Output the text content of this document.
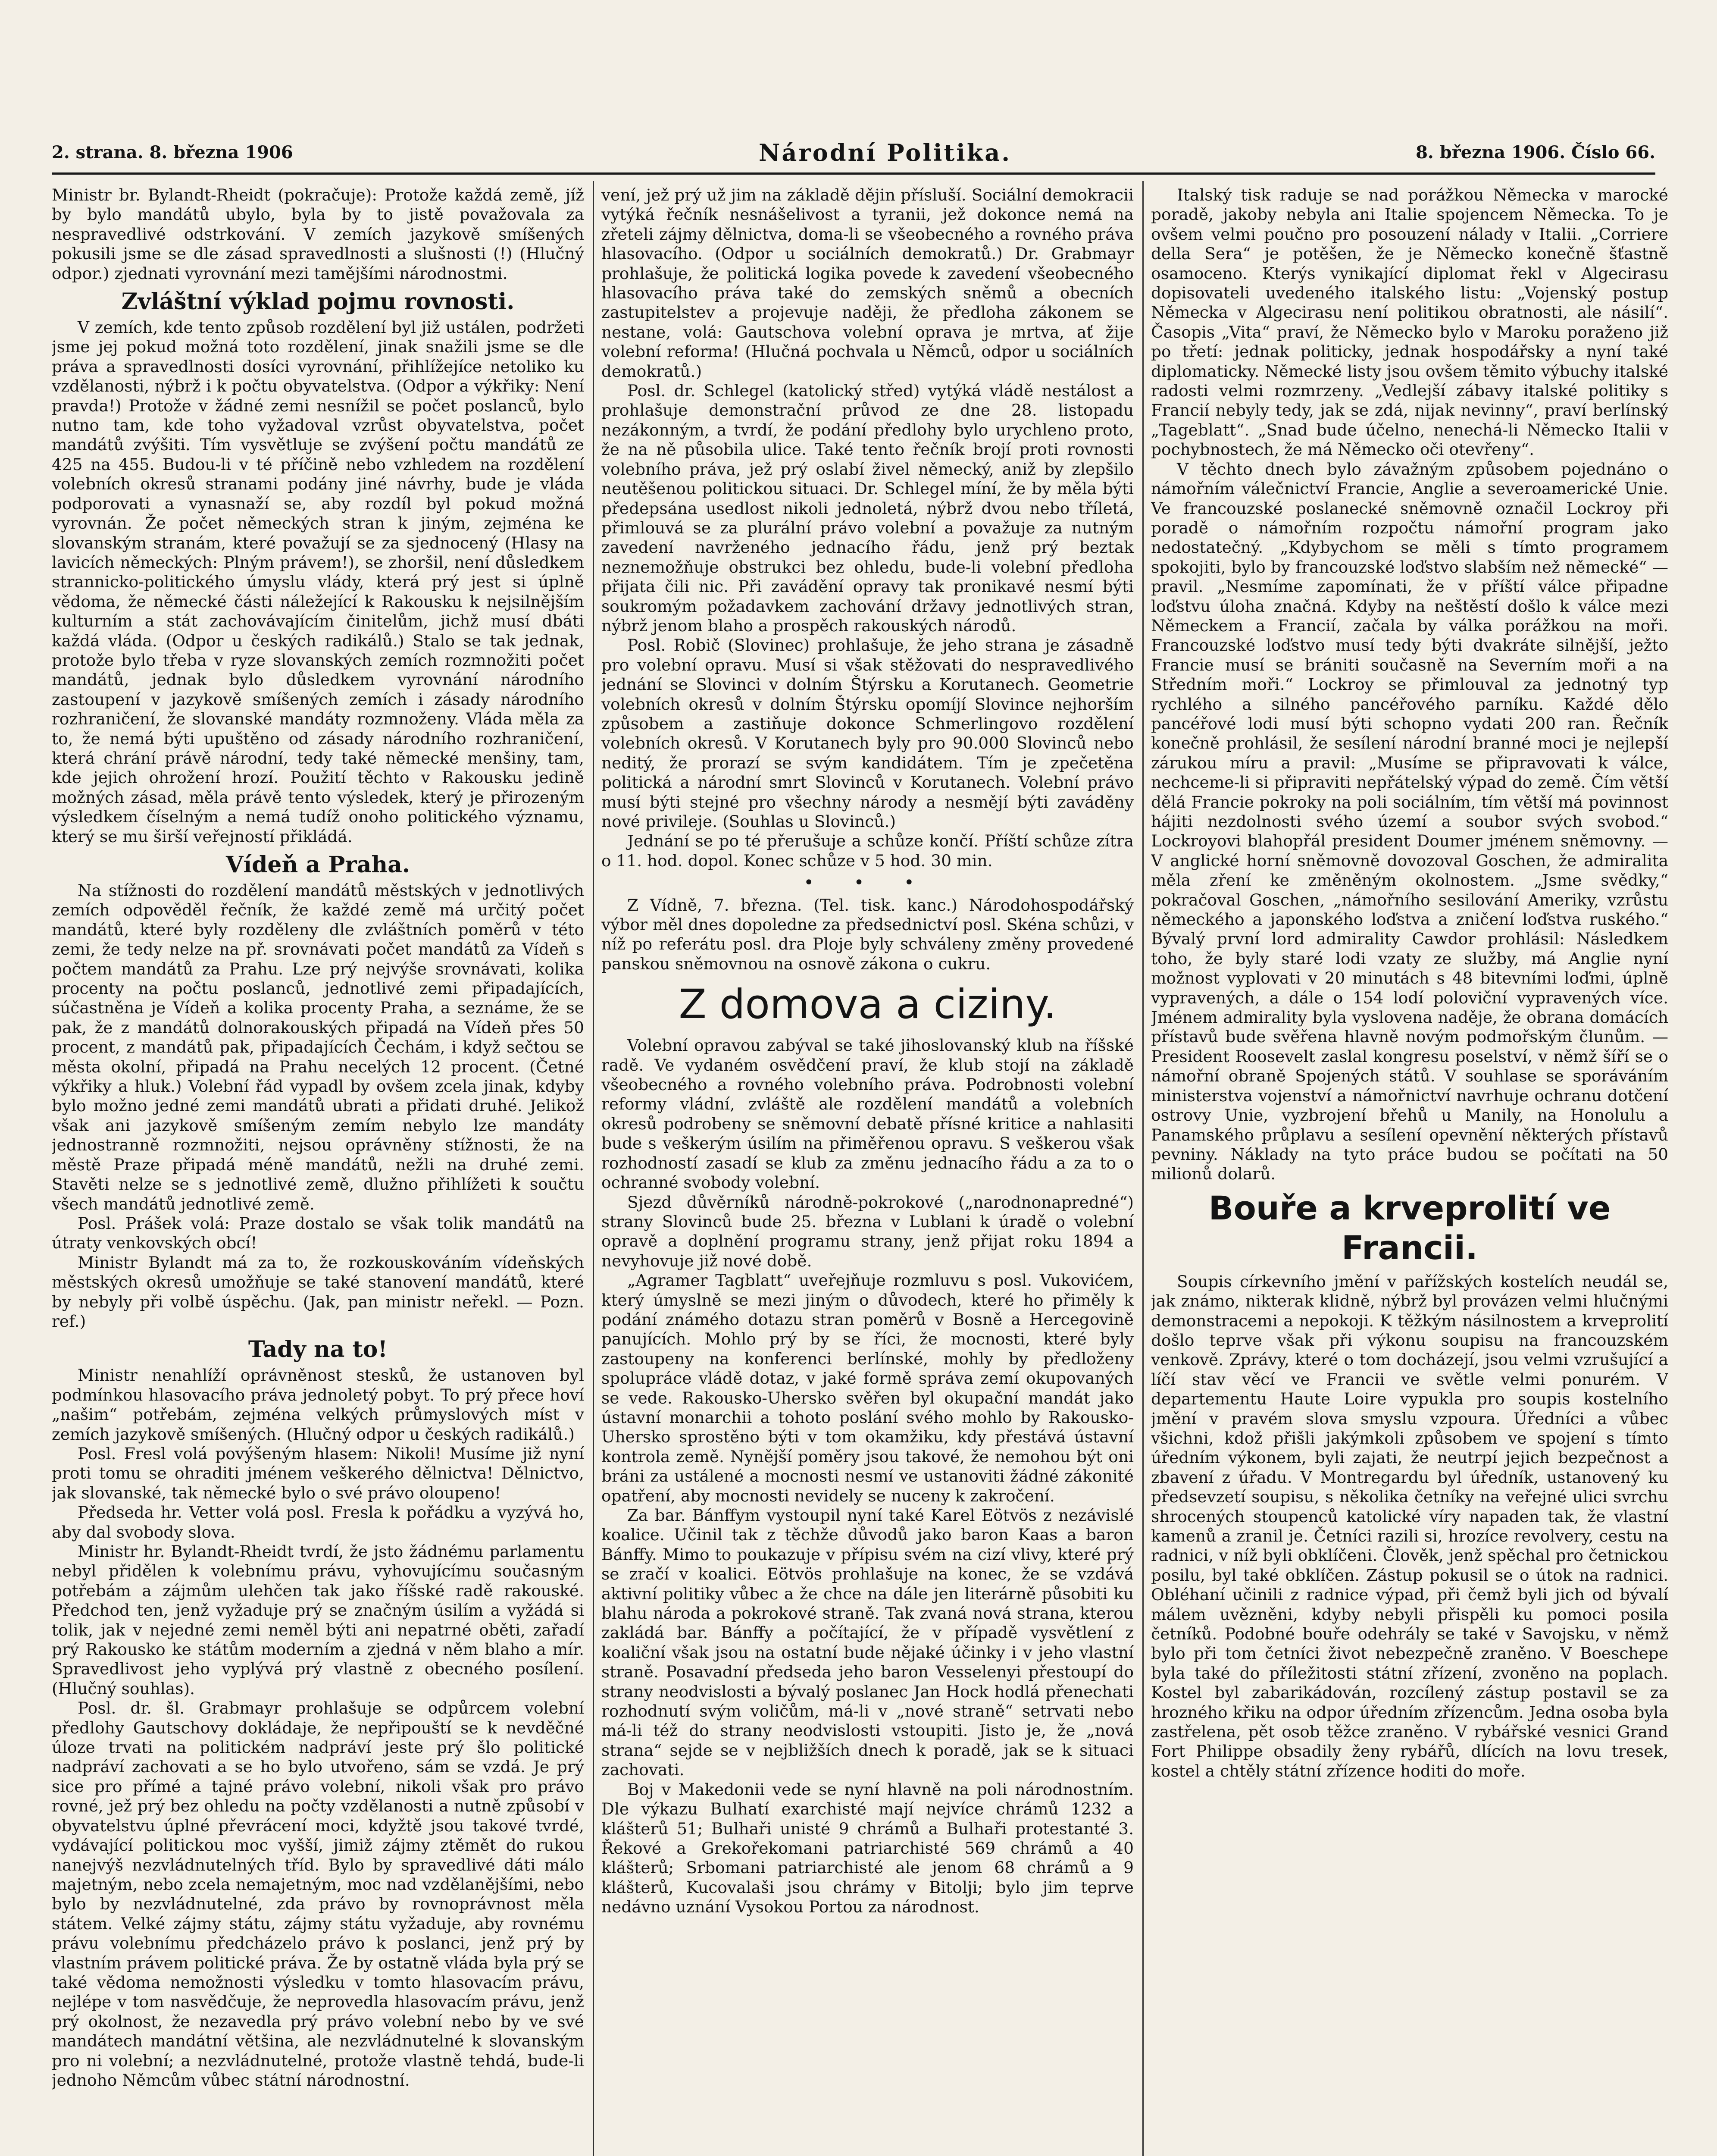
2. strana. 8. března 1906	Národní Politika.	8. března 1906. Číslo 66.

Ministr br. Bylandt-Rheidt (pokračuje): Protože každá země, jíž by bylo mandátů ubylo, byla by to jistě považovala za nespravedlivé odstrkování. V zemích jazykově smíšených pokusili jsme se dle zásad spravedlnosti a slušnosti (!) (Hlučný odpor.) zjednati vyrovnání mezi tamějšími národnostmi.

Zvláštní výklad pojmu rovnosti.

V zemích, kde tento způsob rozdělení byl již ustálen, podržeti jsme jej pokud možná toto rozdělení, jinak snažili jsme se dle práva a spravedlnosti dosíci vyrovnání, přihlížejíce netoliko ku vzdělanosti, nýbrž i k počtu obyvatelstva. (Odpor a výkřiky: Není pravda!) Protože v žádné zemi nesnížil se počet poslanců, bylo nutno tam, kde toho vyžadoval vzrůst obyvatelstva, počet mandátů zvýšiti. Tím vysvětluje se zvýšení počtu mandátů ze 425 na 455. Budou-li v té příčině nebo vzhledem na rozdělení volebních okresů stranami podány jiné návrhy, bude je vláda podporovati a vynasnaží se, aby rozdíl byl pokud možná vyrovnán. Že počet německých stran k jiným, zejména ke slovanským stranám, které považují se za sjednocený (Hlasy na lavicích německých: Plným právem!), se zhoršil, není důsledkem strannicko-politického úmyslu vlády, která prý jest si úplně vědoma, že německé části náležející k Rakousku k nejsilnějším kulturním a stát zachovávajícím činitelům, jichž musí dbáti každá vláda. (Odpor u českých radikálů.) Stalo se tak jednak, protože bylo třeba v ryze slovanských zemích rozmnožiti počet mandátů, jednak bylo důsledkem vyrovnání národního zastoupení v jazykově smíšených zemích i zásady národního rozhraničení, že slovanské mandáty rozmnoženy. Vláda měla za to, že nemá býti upuštěno od zásady národního rozhraničení, která chrání právě národní, tedy také německé menšiny, tam, kde jejich ohrožení hrozí. Použití těchto v Rakousku jedině možných zásad, měla právě tento výsledek, který je přirozeným výsledkem číselným a nemá tudíž onoho politického významu, který se mu širší veřejností přikládá.

Vídeň a Praha.

Na stížnosti do rozdělení mandátů městských v jednotlivých zemích odpověděl řečník, že každé země má určitý počet mandátů, které byly rozděleny dle zvláštních poměrů v této zemi, že tedy nelze na př. srovnávati počet mandátů za Vídeň s počtem mandátů za Prahu. Lze prý nejvýše srovnávati, kolika procenty na počtu poslanců, jednotlivé zemi připadajících, súčastněna je Vídeň a kolika procenty Praha, a seznáme, že se pak, že z mandátů dolnorakouských připadá na Vídeň přes 50 procent, z mandátů pak, připadajících Čechám, i když sečtou se města okolní, připadá na Prahu necelých 12 procent. (Četné výkřiky a hluk.) Volební řád vypadl by ovšem zcela jinak, kdyby bylo možno jedné zemi mandátů ubrati a přidati druhé. Jelikož však ani jazykově smíšeným zemím nebylo lze mandáty jednostranně rozmnožiti, nejsou oprávněny stížnosti, že na městě Praze připadá méně mandátů, nežli na druhé zemi. Stavěti nelze se s jednotlivé země, dlužno přihlížeti k součtu všech mandátů jednotlivé země.

Posl. Prášek volá: Praze dostalo se však tolik mandátů na útraty venkovských obcí!

Ministr Bylandt má za to, že rozkouskováním vídeňských městských okresů umožňuje se také stanovení mandátů, které by nebyly při volbě úspěchu. (Jak, pan ministr neřekl. — Pozn. ref.)

Tady na to!

Ministr nenahlíží oprávněnost stesků, že ustanoven byl podmínkou hlasovacího práva jednoletý pobyt. To prý přece hoví „našim“ potřebám, zejména velkých průmyslových míst v zemích jazykově smíšených. (Hlučný odpor u českých radikálů.)

Posl. Fresl volá povýšeným hlasem: Nikoli! Musíme již nyní proti tomu se ohraditi jménem veškerého dělnictva! Dělnictvo, jak slovanské, tak německé bylo o své právo oloupeno!

Předseda hr. Vetter volá posl. Fresla k pořádku a vyzývá ho, aby dal svobody slova.

Ministr hr. Bylandt-Rheidt tvrdí, že jsto žádnému parlamentu nebyl přidělen k volebnímu právu, vyhovujícímu současným potřebám a zájmům ulehčen tak jako říšské radě rakouské. Předchod ten, jenž vyžaduje prý se značným úsilím a vyžádá si tolik, jak v nejedné zemi neměl býti ani nepatrné oběti, zařadí prý Rakousko ke státům moderním a zjedná v něm blaho a mír. Spravedlivost jeho vyplývá prý vlastně z obecného posílení. (Hlučný souhlas).

Posl. dr. šl. Grabmayr prohlašuje se odpůrcem volební předlohy Gautschovy dokládaje, že nepřipouští se k nevděčné úloze trvati na politickém nadpráví jeste prý šlo politické nadpráví zachovati a se ho bylo utvořeno, sám se vzdá. Je prý sice pro přímé a tajné právo volební, nikoli však pro právo rovné, jež prý bez ohledu na počty vzdělanosti a nutně způsobí v obyvatelstvu úplné převrácení moci, kdyžtě jsou takové tvrdé, vydávající politickou moc vyšší, jimiž zájmy ztěmět do rukou nanejvýš nezvládnutelných tříd. Bylo by spravedlivé dáti málo majetným, nebo zcela nemajetným, moc nad vzdělanějšími, nebo bylo by nezvládnutelné, zda právo by rovnoprávnost měla státem. Velké zájmy státu, zájmy státu vyžaduje, aby rovnému právu volebnímu předcházelo právo k poslanci, jenž prý by vlastním právem politické práva. Že by ostatně vláda byla prý se také vědoma nemožnosti výsledku v tomto hlasovacím právu, nejlépe v tom nasvědčuje, že neprovedla hlasovacím právu, jenž prý okolnost, že nezavedla prý právo volební nebo by ve své mandátech mandátní většina, ale nezvládnutelné k slovanským pro ni volební; a nezvládnutelné, protože vlastně tehdá, bude-li jednoho Němcům vůbec státní národnostní.

vení, jež prý už jim na základě dějin přísluší. Sociální demokracii vytýká řečník nesnášelivost a tyranii, jež dokonce nemá na zřeteli zájmy dělnictva, doma-li se všeobecného a rovného práva hlasovacího. (Odpor u sociálních demokratů.) Dr. Grabmayr prohlašuje, že politická logika povede k zavedení všeobecného hlasovacího práva také do zemských sněmů a obecních zastupitelstev a projevuje naději, že předloha zákonem se nestane, volá: Gautschova volební oprava je mrtva, ať žije volební reforma! (Hlučná pochvala u Němců, odpor u sociálních demokratů.)

Posl. dr. Schlegel (katolický střed) vytýká vládě nestálost a prohlašuje demonstrační průvod ze dne 28. listopadu nezákonným, a tvrdí, že podání předlohy bylo urychleno proto, že na ně působila ulice. Také tento řečník brojí proti rovnosti volebního práva, jež prý oslabí živel německý, aniž by zlepšilo neutěšenou politickou situaci. Dr. Schlegel míní, že by měla býti předepsána usedlost nikoli jednoletá, nýbrž dvou nebo tříletá, přimlouvá se za plurální právo volební a považuje za nutným zavedení navrženého jednacího řádu, jenž prý beztak neznemožňuje obstrukci bez ohledu, bude-li volební předloha přijata čili nic. Při zavádění opravy tak pronikavé nesmí býti soukromým požadavkem zachování državy jednotlivých stran, nýbrž jenom blaho a prospěch rakouských národů.

Posl. Robič (Slovinec) prohlašuje, že jeho strana je zásadně pro volební opravu. Musí si však stěžovati do nespravedlivého jednání se Slovinci v dolním Štýrsku a Korutanech. Geometrie volebních okresů v dolním Štýrsku opomíjí Slovince nejhorším způsobem a zastiňuje dokonce Schmerlingovo rozdělení volebních okresů. V Korutanech byly pro 90.000 Slovinců nebo neditý, že prorazí se svým kandidátem. Tím je zpečetěna politická a národní smrt Slovinců v Korutanech. Volební právo musí býti stejné pro všechny národy a nesmějí býti zaváděny nové privileje. (Souhlas u Slovinců.)

Jednání se po té přerušuje a schůze končí. Příští schůze zítra o 11. hod. dopol. Konec schůze v 5 hod. 30 min.

• • •

Z Vídně, 7. března. (Tel. tisk. kanc.) Národohospodářský výbor měl dnes dopoledne za předsednictví posl. Skéna schůzi, v níž po referátu posl. dra Ploje byly schváleny změny provedené panskou sněmovnou na osnově zákona o cukru.

Z domova a ciziny.

Volební opravou zabýval se také jihoslovanský klub na říšské radě. Ve vydaném osvědčení praví, že klub stojí na základě všeobecného a rovného volebního práva. Podrobnosti volební reformy vládní, zvláště ale rozdělení mandátů a volebních okresů podrobeny se sněmovní debatě přísné kritice a nahlasiti bude s veškerým úsilím na přiměřenou opravu. S veškerou však rozhodností zasadí se klub za změnu jednacího řádu a za to o ochranné svobody volební.

Sjezd důvěrníků národně-pokrokové („narodnonapredné“) strany Slovinců bude 25. března v Lublani k úradě o volební opravě a doplnění programu strany, jenž přijat roku 1894 a nevyhovuje již nové době.

„Agramer Tagblatt“ uveřejňuje rozmluvu s posl. Vukovićem, který úmyslně se mezi jiným o důvodech, které ho přiměly k podání známého dotazu stran poměrů v Bosně a Hercegovině panujících. Mohlo prý by se říci, že mocnosti, které byly zastoupeny na konferenci berlínské, mohly by předloženy spolupráce vládě dotaz, v jaké formě správa zemí okupovaných se vede. Rakousko-Uhersko svěřen byl okupační mandát jako ústavní monarchii a tohoto poslání svého mohlo by Rakousko-Uhersko sprostěno býti v tom okamžiku, kdy přestává ústavní kontrola země. Nynější poměry jsou takové, že nemohou být oni bráni za ustálené a mocnosti nesmí ve ustanoviti žádné zákonité opatření, aby mocnosti nevidely se nuceny k zakročení.

Za bar. Bánffym vystoupil nyní také Karel Eötvös z nezávislé koalice. Učinil tak z těchže důvodů jako baron Kaas a baron Bánffy. Mimo to poukazuje v přípisu svém na cizí vlivy, které prý se zračí v koalici. Eötvös prohlašuje na konec, že se vzdává aktivní politiky vůbec a že chce na dále jen literárně působiti ku blahu národa a pokrokové straně. Tak zvaná nová strana, kterou zakládá bar. Bánffy a počítající, že v případě vysvětlení z koaliční však jsou na ostatní bude nějaké účinky i v jeho vlastní straně. Posavadní předseda jeho baron Vesselenyi přestoupí do strany neodvislosti a bývalý poslanec Jan Hock hodlá přenechati rozhodnutí svým voličům, má-li v „nové straně“ setrvati nebo má-li též do strany neodvislosti vstoupiti. Jisto je, že „nová strana“ sejde se v nejbližších dnech k poradě, jak se k situaci zachovati.

Boj v Makedonii vede se nyní hlavně na poli národnostním. Dle výkazu Bulhatí exarchisté mají nejvíce chrámů 1232 a klášterů 51; Bulhaři unisté 9 chrámů a Bulhaři protestanté 3. Řekové a Grekořekomani patriarchisté 569 chrámů a 40 klášterů; Srbomani patriarchisté ale jenom 68 chrámů a 9 klášterů, Kucovalaši jsou chrámy v Bitolji; bylo jim teprve nedávno uznání Vysokou Portou za národnost.

Italský tisk raduje se nad porážkou Německa v marocké poradě, jakoby nebyla ani Italie spojencem Německa. To je ovšem velmi poučno pro posouzení nálady v Italii. „Corriere della Sera“ je potěšen, že je Německo konečně šťastně osamoceno. Kterýs vynikající diplomat řekl v Algecirasu dopisovateli uvedeného italského listu: „Vojenský postup Německa v Algecirasu není politikou obratnosti, ale násilí“. Časopis „Vita“ praví, že Německo bylo v Maroku poraženo již po třetí: jednak politicky, jednak hospodářsky a nyní také diplomaticky. Německé listy jsou ovšem těmito výbuchy italské radosti velmi rozmrzeny. „Vedlejší zábavy italské politiky s Francií nebyly tedy, jak se zdá, nijak nevinny“, praví berlínský „Tageblatt“. „Snad bude účelno, nenechá-li Německo Italii v pochybnostech, že má Německo oči otevřeny“.

V těchto dnech bylo závažným způsobem pojednáno o námořním válečnictví Francie, Anglie a severoamerické Unie. Ve francouzské poslanecké sněmovně označil Lockroy při poradě o námořním rozpočtu námořní program jako nedostatečný. „Kdybychom se měli s tímto programem spokojiti, bylo by francouzské loďstvo slabším než německé“ — pravil. „Nesmíme zapomínati, že v příští válce připadne loďstvu úloha značná. Kdyby na neštěstí došlo k válce mezi Německem a Francií, začala by válka porážkou na moři. Francouzské loďstvo musí tedy býti dvakráte silnější, ježto Francie musí se brániti současně na Severním moři a na Středním moři.“ Lockroy se přimlouval za jednotný typ rychlého a silného pancéřového parníku. Každé dělo pancéřové lodi musí býti schopno vydati 200 ran. Řečník konečně prohlásil, že sesílení národní branné moci je nejlepší zárukou míru a pravil: „Musíme se připravovati k válce, nechceme-li si připraviti nepřátelský výpad do země. Čím větší dělá Francie pokroky na poli sociálním, tím větší má povinnost hájiti nezdolnosti svého území a soubor svých svobod.“ Lockroyovi blahopřál president Doumer jménem sněmovny. — V anglické horní sněmovně dovozoval Goschen, že admiralita měla zření ke změněným okolnostem. „Jsme svědky,“ pokračoval Goschen, „námořního sesilování Ameriky, vzrůstu německého a japonského loďstva a zničení loďstva ruského.“ Bývalý první lord admirality Cawdor prohlásil: Následkem toho, že byly staré lodi vzaty ze služby, má Anglie nyní možnost vyplovati v 20 minutách s 48 bitevními loďmi, úplně vypravených, a dále o 154 lodí poloviční vypravených více. Jménem admirality byla vyslovena naděje, že obrana domácích přístavů bude svěřena hlavně novým podmořským člunům. — President Roosevelt zaslal kongresu poselství, v němž šíří se o námořní obraně Spojených států. V souhlase se sporáváním ministerstva vojenství a námořnictví navrhuje ochranu dotčení ostrovy Unie, vyzbrojení břehů u Manily, na Honolulu a Panamského průplavu a sesílení opevnění některých přístavů pevniny. Náklady na tyto práce budou se počítati na 50 milionů dolarů.

Bouře a krveprolití ve Francii.

Soupis církevního jmění v pařížských kostelích neudál se, jak známo, nikterak klidně, nýbrž byl provázen velmi hlučnými demonstracemi a nepokoji. K těžkým násilnostem a krveprolití došlo teprve však při výkonu soupisu na francouzském venkově. Zprávy, které o tom docházejí, jsou velmi vzrušující a líčí stav věcí ve Francii ve světle velmi ponurém. V departementu Haute Loire vypukla pro soupis kostelního jmění v pravém slova smyslu vzpoura. Úředníci a vůbec všichni, kdož přišli jakýmkoli způsobem ve spojení s tímto úředním výkonem, byli zajati, že neutrpí jejich bezpečnost a zbavení z úřadu. V Montregardu byl úředník, ustanovený ku předsevzetí soupisu, s několika četníky na veřejné ulici svrchu shrocených stoupenců katolické víry napaden tak, že vlastní kamenů a zranil je. Četníci razili si, hrozíce revolvery, cestu na radnici, v níž byli obklíčeni. Člověk, jenž spěchal pro četnickou posilu, byl také obklíčen. Zástup pokusil se o útok na radnici. Obléhaní učinili z radnice výpad, při čemž byli jich od bývalí málem uvězněni, kdyby nebyli přispěli ku pomoci posila četníků. Podobné bouře odehrály se také v Savojsku, v němž bylo při tom četníci život nebezpečně zraněno. V Boeschepe byla také do příležitosti státní zřízení, zvoněno na poplach. Kostel byl zabarikádován, rozcílený zástup postavil se za hrozného křiku na odpor úředním zřízencům. Jedna osoba byla zastřelena, pět osob těžce zraněno. V rybářské vesnici Grand Fort Philippe obsadily ženy rybářů, dlících na lovu tresek, kostel a chtěly státní zřízence hoditi do moře.
